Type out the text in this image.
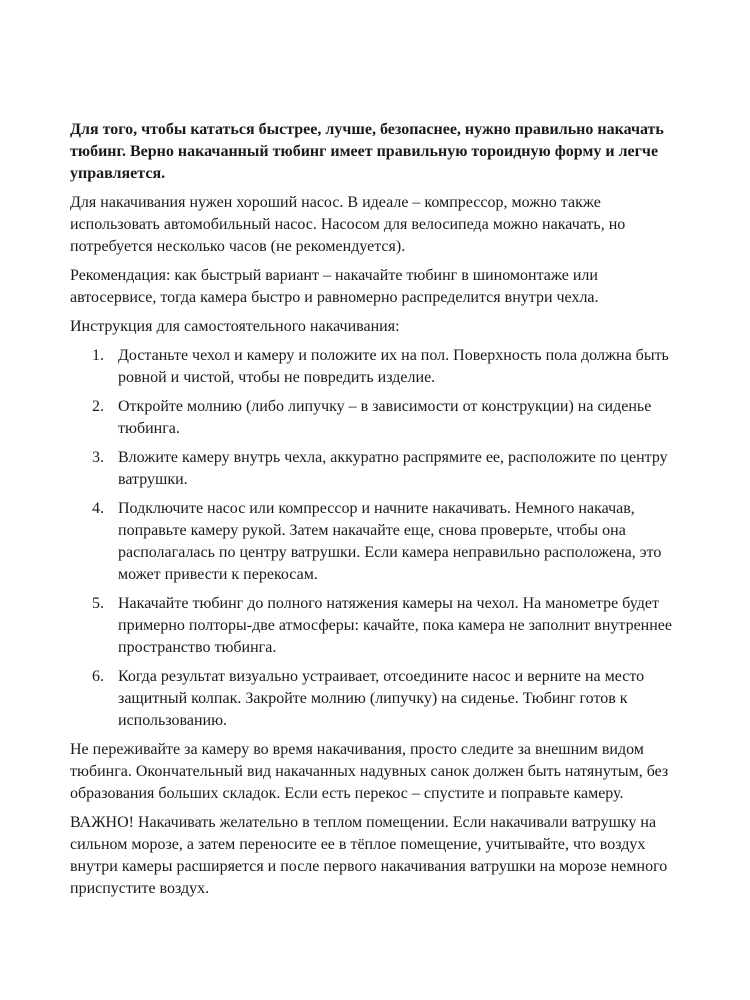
Для того, чтобы кататься быстрее, лучше, безопаснее, нужно правильно накачать тюбинг. Верно накачанный тюбинг имеет правильную тороидную форму и легче управляется.

Для накачивания нужен хороший насос. В идеале – компрессор, можно также использовать автомобильный насос. Насосом для велосипеда можно накачать, но потребуется несколько часов (не рекомендуется).

Рекомендация: как быстрый вариант – накачайте тюбинг в шиномонтаже или автосервисе, тогда камера быстро и равномерно распределится внутри чехла.

Инструкция для самостоятельного накачивания:

1. Достаньте чехол и камеру и положите их на пол. Поверхность пола должна быть ровной и чистой, чтобы не повредить изделие.
2. Откройте молнию (либо липучку – в зависимости от конструкции) на сиденье тюбинга.
3. Вложите камеру внутрь чехла, аккуратно распрямите ее, расположите по центру ватрушки.
4. Подключите насос или компрессор и начните накачивать. Немного накачав, поправьте камеру рукой. Затем накачайте еще, снова проверьте, чтобы она располагалась по центру ватрушки. Если камера неправильно расположена, это может привести к перекосам.
5. Накачайте тюбинг до полного натяжения камеры на чехол. На манометре будет примерно полторы-две атмосферы: качайте, пока камера не заполнит внутреннее пространство тюбинга.
6. Когда результат визуально устраивает, отсоедините насос и верните на место защитный колпак. Закройте молнию (липучку) на сиденье. Тюбинг готов к использованию.

Не переживайте за камеру во время накачивания, просто следите за внешним видом тюбинга. Окончательный вид накачанных надувных санок должен быть натянутым, без образования больших складок. Если есть перекос – спустите и поправьте камеру.

ВАЖНО! Накачивать желательно в теплом помещении. Если накачивали ватрушку на сильном морозе, а затем переносите ее в тёплое помещение, учитывайте, что воздух внутри камеры расширяется и после первого накачивания ватрушки на морозе немного приспустите воздух.
